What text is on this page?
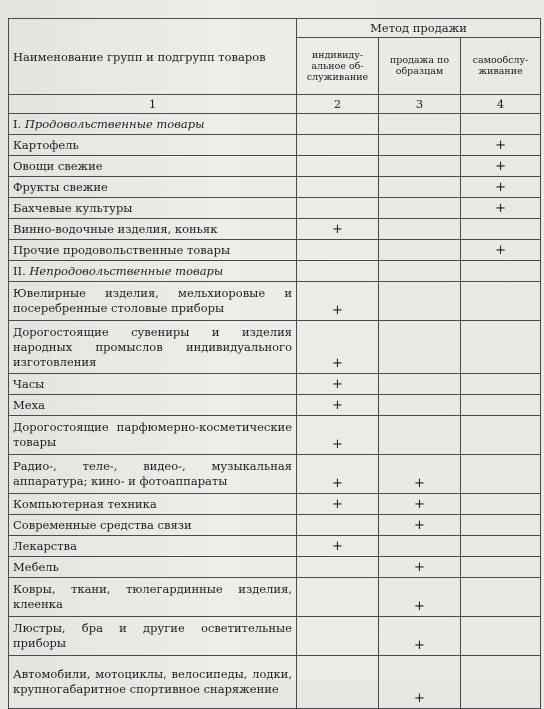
Наименование групп и подгрупп товаров	Метод продажи		
	индивиду-альное об-служивание	продажа по образцам	самообслу-живание
1	2	3	4
I. Продовольственные товары			
Картофель			+
Овощи свежие			+
Фрукты свежие			+
Бахчевые культуры			+
Винно-водочные изделия, коньяк	+		
Прочие продовольственные товары			+
II. Непродовольственные товары			
Ювелирные изделия, мельхиоровые и посеребренные столовые приборы	+		
Дорогостоящие сувениры и изделия народных промыслов индивидуального изготовления	+		
Часы	+		
Меха	+		
Дорогостоящие парфюмерно-косметические товары	+		
Радио-, теле-, видео-, музыкальная аппаратура; кино- и фотоаппараты	+	+	
Компьютерная техника	+	+	
Современные средства связи		+	
Лекарства	+		
Мебель		+	
Ковры, ткани, тюлегардинные изделия, клеенка		+	
Люстры, бра и другие осветительные приборы		+	
Автомобили, мотоциклы, велосипеды, лодки, крупногабаритное спортивное снаряжение		+	
